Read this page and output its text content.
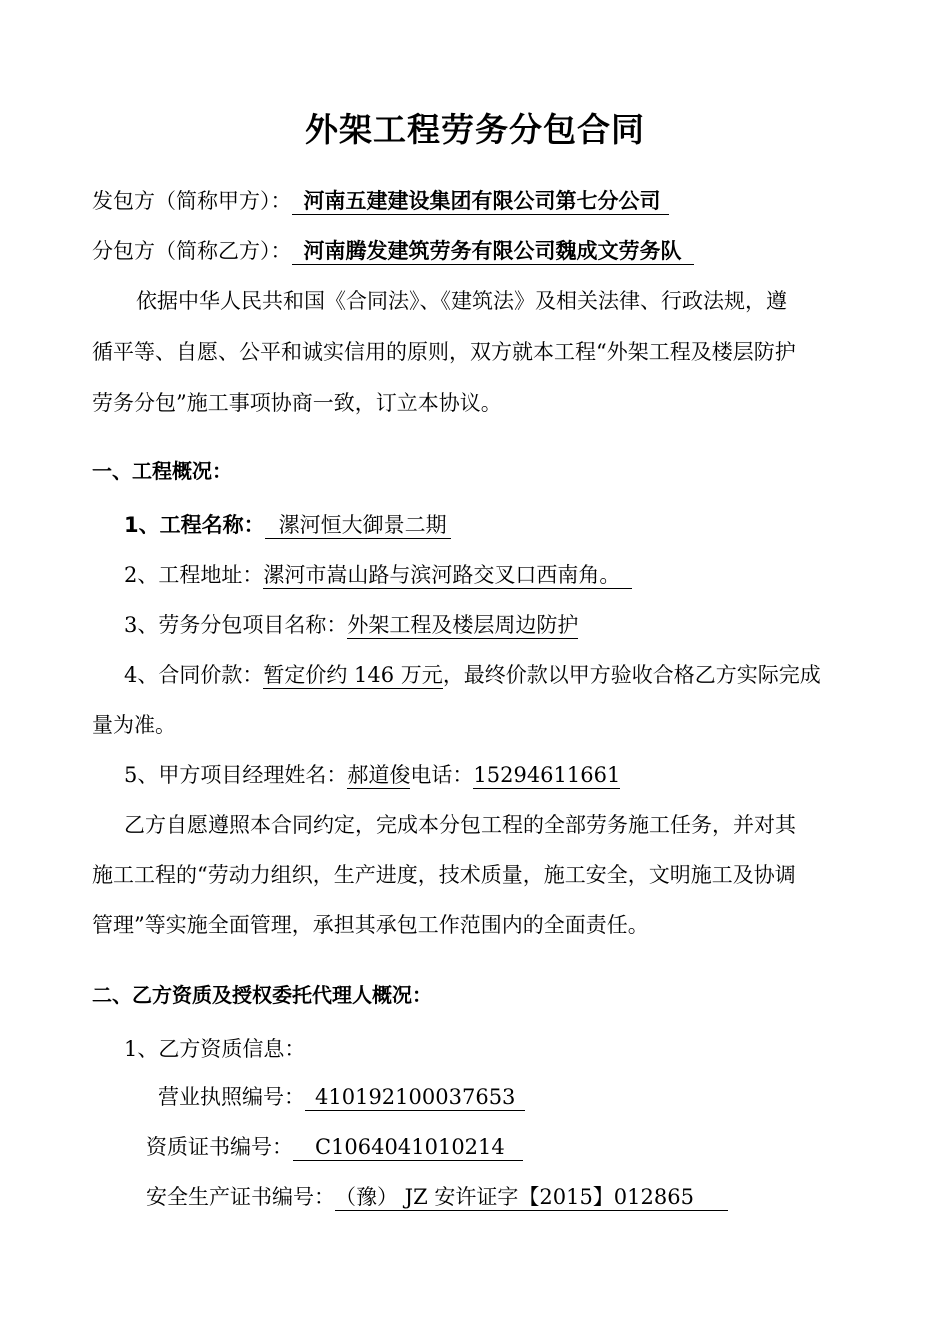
外架工程劳务分包合同
发包方（简称甲方）： 河南五建建设集团有限公司第七分公司
分包方（简称乙方）： 河南腾发建筑劳务有限公司魏成文劳务队
依据中华人民共和国《合同法》、《建筑法》及相关法律、行政法规，遵
循平等、自愿、公平和诚实信用的原则，双方就本工程“外架工程及楼层防护
劳务分包”施工事项协商一致，订立本协议。
一、工程概况：
1、工程名称： 漯河恒大御景二期
2、工程地址：漯河市嵩山路与滨河路交叉口西南角。
3、劳务分包项目名称：外架工程及楼层周边防护
4、合同价款：暂定价约 146 万元，最终价款以甲方验收合格乙方实际完成
量为准。
5、甲方项目经理姓名：郝道俊电话：15294611661
乙方自愿遵照本合同约定，完成本分包工程的全部劳务施工任务，并对其
施工工程的“劳动力组织，生产进度，技术质量，施工安全，文明施工及协调
管理”等实施全面管理，承担其承包工作范围内的全面责任。
二、乙方资质及授权委托代理人概况：
1、乙方资质信息：
营业执照编号： 410192100037653
资质证书编号： C1064041010214
安全生产证书编号：（豫） JZ 安许证字【2015】012865
